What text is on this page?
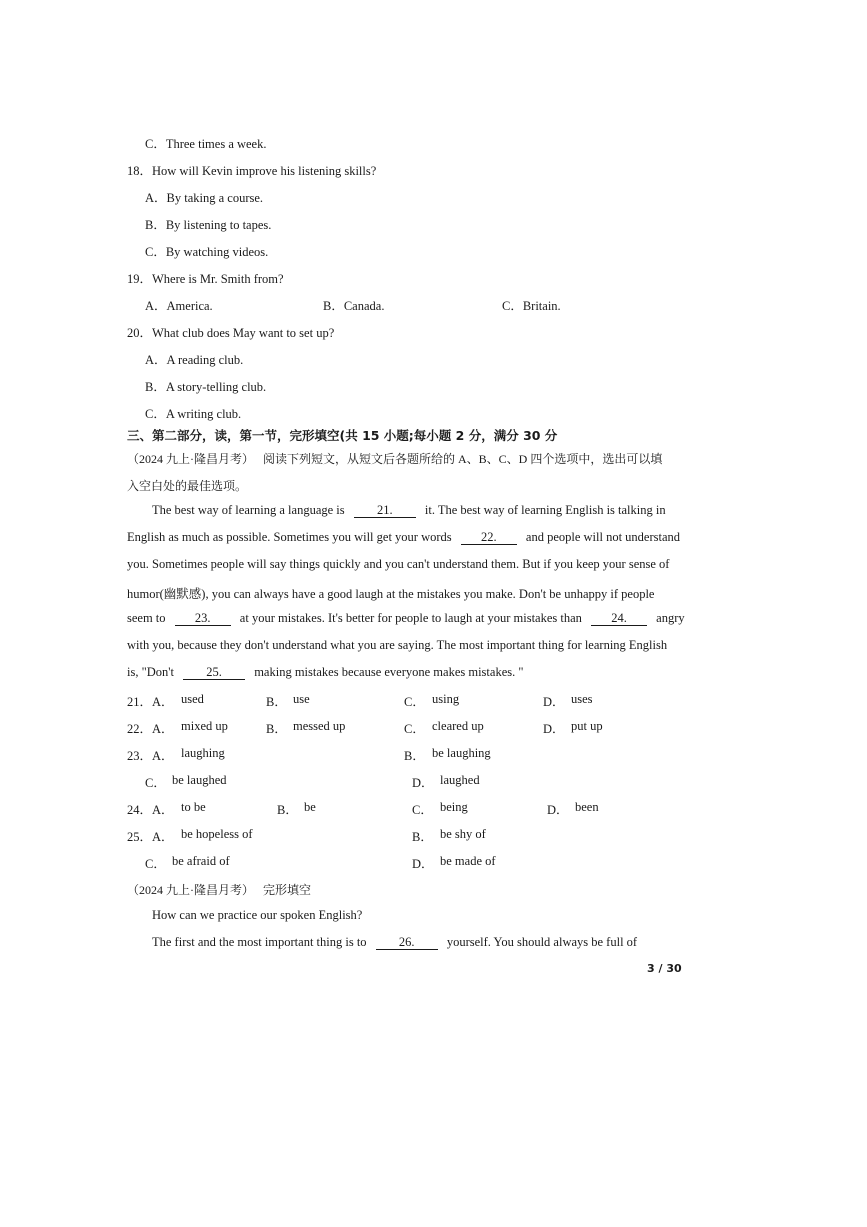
C．Three times a week.
18．How will Kevin improve his listening skills?
A．By taking a course.
B．By listening to tapes.
C．By watching videos.
19．Where is Mr. Smith from?
A．America.	B．Canada.	C．Britain.
20．What club does May want to set up?
A．A reading club.
B．A story-telling club.
C．A writing club.
三、第二部分，读，第一节，完形填空(共 15 小题;每小题 2 分，满分 30 分
（2024 九上·隆昌月考） 阅读下列短文，从短文后各题所给的 A、B、C、D 四个选项中，选出可以填
入空白处的最佳选项。
The best way of learning a language is	21.	it. The best way of learning English is talking in
English as much as possible. Sometimes you will get your words 22. and people will not understand
you. Sometimes people will say things quickly and you can't understand them. But if you keep your sense of
humor(幽默感), you can always have a good laugh at the mistakes you make. Don't be unhappy if people
seem to 23. at your mistakes. It's better for people to laugh at your mistakes than 24. angry
with you, because they don't understand what you are saying. The most important thing for learning English
is, "Don't	25.	making mistakes because everyone makes mistakes. "
21．A． used	B． use	C． using	D． uses
22．A． mixed up	B． messed up	C． cleared up	D． put up
23．A． laughing	B． be laughing
C． be laughed	D． laughed
24．A． to be	B． be	C． being	D． been
25．A． be hopeless of	B． be shy of
C． be afraid of	D． be made of
（2024 九上·隆昌月考） 完形填空
How can we practice our spoken English?
The first and the most important thing is to	26.	yourself. You should always be full of
3 / 30
